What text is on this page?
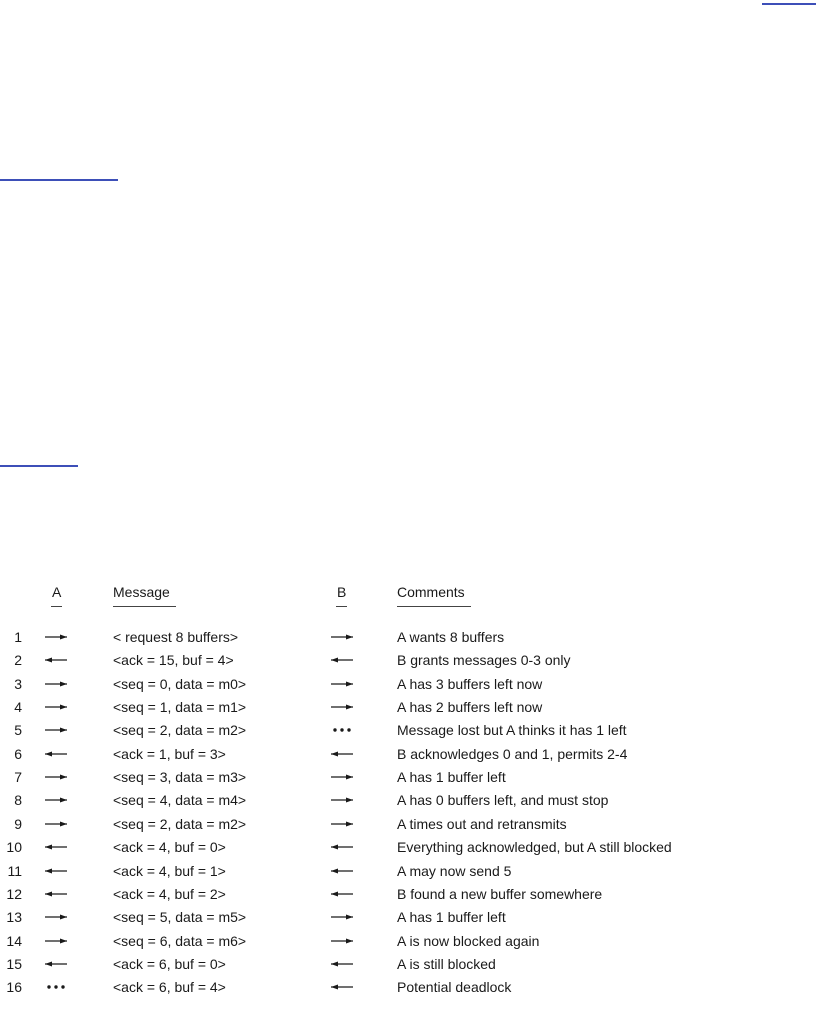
A	Message	B	Comments
1	< request 8 buffers>	A wants 8 buffers
2	<ack = 15, buf = 4>	B grants messages 0-3 only
3	<seq = 0, data = m0>	A has 3 buffers left now
4	<seq = 1, data = m1>	A has 2 buffers left now
5	<seq = 2, data = m2>	Message lost but A thinks it has 1 left
6	<ack = 1, buf = 3>	B acknowledges 0 and 1, permits 2-4
7	<seq = 3, data = m3>	A has 1 buffer left
8	<seq = 4, data = m4>	A has 0 buffers left, and must stop
9	<seq = 2, data = m2>	A times out and retransmits
10	<ack = 4, buf = 0>	Everything acknowledged, but A still blocked
11	<ack = 4, buf = 1>	A may now send 5
12	<ack = 4, buf = 2>	B found a new buffer somewhere
13	<seq = 5, data = m5>	A has 1 buffer left
14	<seq = 6, data = m6>	A is now blocked again
15	<ack = 6, buf = 0>	A is still blocked
16	<ack = 6, buf = 4>	Potential deadlock
